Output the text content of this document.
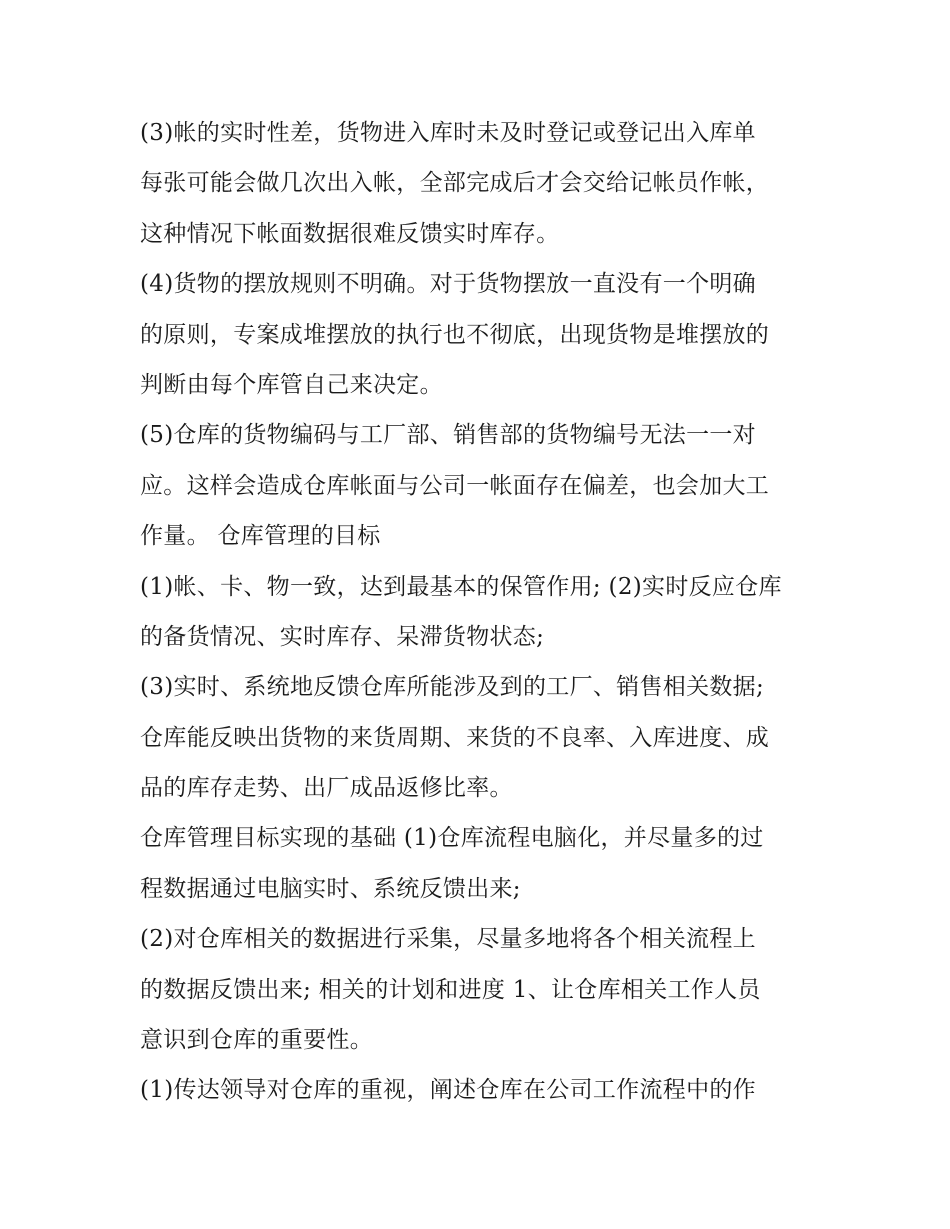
(3)帐的实时性差，货物进入库时未及时登记或登记出入库单
每张可能会做几次出入帐，全部完成后才会交给记帐员作帐，
这种情况下帐面数据很难反馈实时库存。
(4)货物的摆放规则不明确。对于货物摆放一直没有一个明确
的原则，专案成堆摆放的执行也不彻底，出现货物是堆摆放的
判断由每个库管自己来决定。
(5)仓库的货物编码与工厂部、销售部的货物编号无法一一对
应。这样会造成仓库帐面与公司一帐面存在偏差，也会加大工
作量。 仓库管理的目标
(1)帐、卡、物一致，达到最基本的保管作用; (2)实时反应仓库
的备货情况、实时库存、呆滞货物状态;
(3)实时、系统地反馈仓库所能涉及到的工厂、销售相关数据;
仓库能反映出货物的来货周期、来货的不良率、入库进度、成
品的库存走势、出厂成品返修比率。
仓库管理目标实现的基础 (1)仓库流程电脑化，并尽量多的过
程数据通过电脑实时、系统反馈出来;
(2)对仓库相关的数据进行采集，尽量多地将各个相关流程上
的数据反馈出来; 相关的计划和进度 1、让仓库相关工作人员
意识到仓库的重要性。
(1)传达领导对仓库的重视，阐述仓库在公司工作流程中的作
